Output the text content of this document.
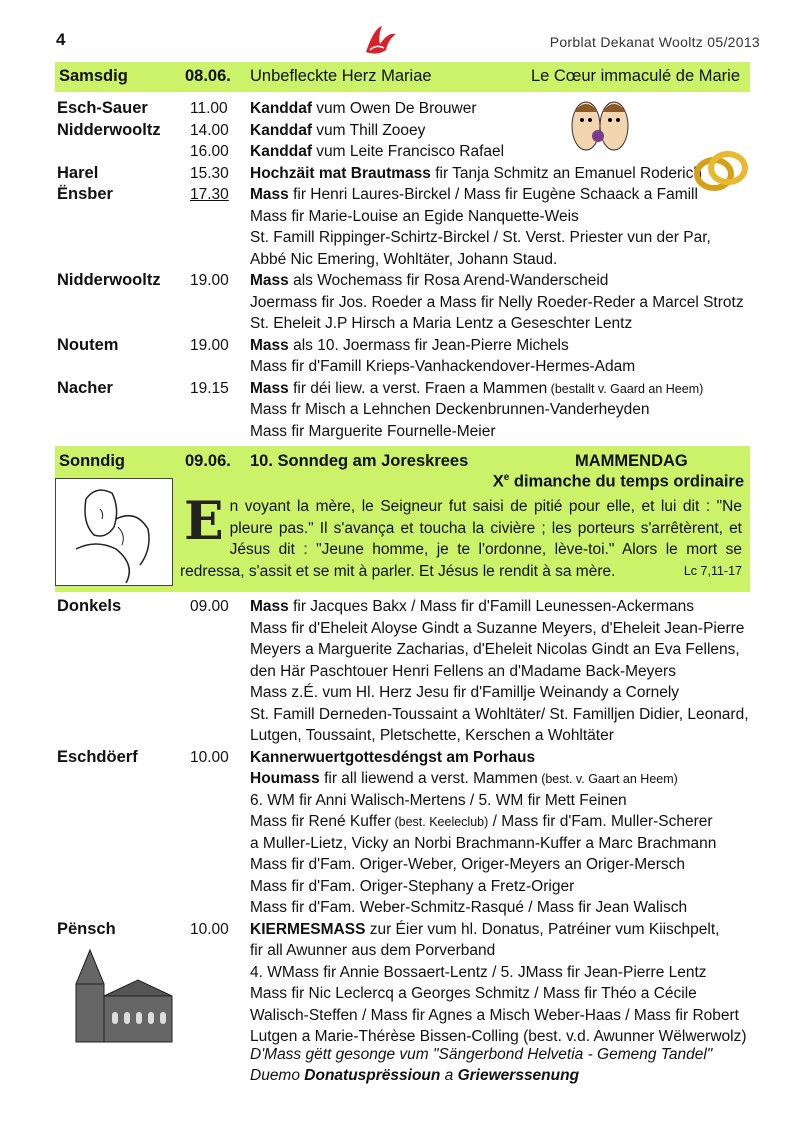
4	Porblat Dekanat Wooltz 05/2013
Samsdig	08.06. Unbefleckte Herz Mariae	Le Cœur immaculé de Marie
Esch-Sauer	11.00 Kanddaf vum Owen De Brouwer
Nidderwooltz 14.00 Kanddaf vum Thill Zooey
16.00 Kanddaf vum Leite Francisco Rafael
Harel	15.30 Hochzäit mat Brautmass fir Tanja Schmitz an Emanuel Roderich
Ënsber	17.30 Mass fir Henri Laures-Birckel / Mass fir Eugène Schaack a Famill
Mass fir Marie-Louise an Egide Nanquette-Weis
St. Famill Rippinger-Schirtz-Birckel / St. Verst. Priester vun der Par,
Abbé Nic Emering, Wohltäter, Johann Staud.
Nidderwooltz 19.00 Mass als Wochemass fir Rosa Arend-Wanderscheid
Joermass fir Jos. Roeder a Mass fir Nelly Roeder-Reder a Marcel Strotz
St. Eheleit J.P Hirsch a Maria Lentz a Geseschter Lentz
Noutem	19.00 Mass als 10. Joermass fir Jean-Pierre Michels
Mass fir d'Famill Krieps-Vanhackendover-Hermes-Adam
Nacher	19.15 Mass fir déi liew. a verst. Fraen a Mammen (bestallt v. Gaard an Heem)
Mass fr Misch a Lehnchen Deckenbrunnen-Vanderheyden
Mass fir Marguerite Fournelle-Meier
Sonndig	09.06. 10. Sonndeg am Joreskrees	MAMMENDAG
Xe dimanche du temps ordinaire
En voyant la mère, le Seigneur fut saisi de pitié pour elle, et lui dit : "Ne pleure pas." Il s'avança et toucha la civière ; les porteurs s'arrêtèrent, et Jésus dit : "Jeune homme, je te l'ordonne, lève-toi." Alors le mort se redressa, s'assit et se mit à parler. Et Jésus le rendit à sa mère.	Lc 7,11-17
Donkels	09.00 Mass fir Jacques Bakx / Mass fir d'Famill Leunessen-Ackermans
Mass fir d'Eheleit Aloyse Gindt a Suzanne Meyers, d'Eheleit Jean-Pierre
Meyers a Marguerite Zacharias, d'Eheleit Nicolas Gindt an Eva Fellens,
den Här Paschtouer Henri Fellens an d'Madame Back-Meyers
Mass z.É. vum Hl. Herz Jesu fir d'Famillje Weinandy a Cornely
St. Famill Derneden-Toussaint a Wohltäter/ St. Familljen Didier, Leonard,
Lutgen, Toussaint, Pletschette, Kerschen a Wohltäter
Eschdöerf	10.00 Kannerwuertgottesdéngst am Porhaus
Houmass fir all liewend a verst. Mammen (best. v. Gaart an Heem)
6. WM fir Anni Walisch-Mertens / 5. WM fir Mett Feinen
Mass fir René Kuffer (best. Keeleclub) / Mass fir d'Fam. Muller-Scherer
a Muller-Lietz, Vicky an Norbi Brachmann-Kuffer a Marc Brachmann
Mass fir d'Fam. Origer-Weber, Origer-Meyers an Origer-Mersch
Mass fir d'Fam. Origer-Stephany a Fretz-Origer
Mass fir d'Fam. Weber-Schmitz-Rasqué / Mass fir Jean Walisch
Pënsch	10.00 KIERMESMASS zur Éier vum hl. Donatus, Patréiner vum Kiischpelt,
fir all Awunner aus dem Porverband
4. WMass fir Annie Bossaert-Lentz / 5. JMass fir Jean-Pierre Lentz
Mass fir Nic Leclercq a Georges Schmitz / Mass fir Théo a Cécile
Walisch-Steffen / Mass fir Agnes a Misch Weber-Haas / Mass fir Robert
Lutgen a Marie-Thérèse Bissen-Colling (best. v.d. Awunner Wëlwerwolz)
D'Mass gëtt gesonge vum "Sängerbond Helvetia - Gemeng Tandel"
Duemo Donatusprëssioun a Griewerssenung
